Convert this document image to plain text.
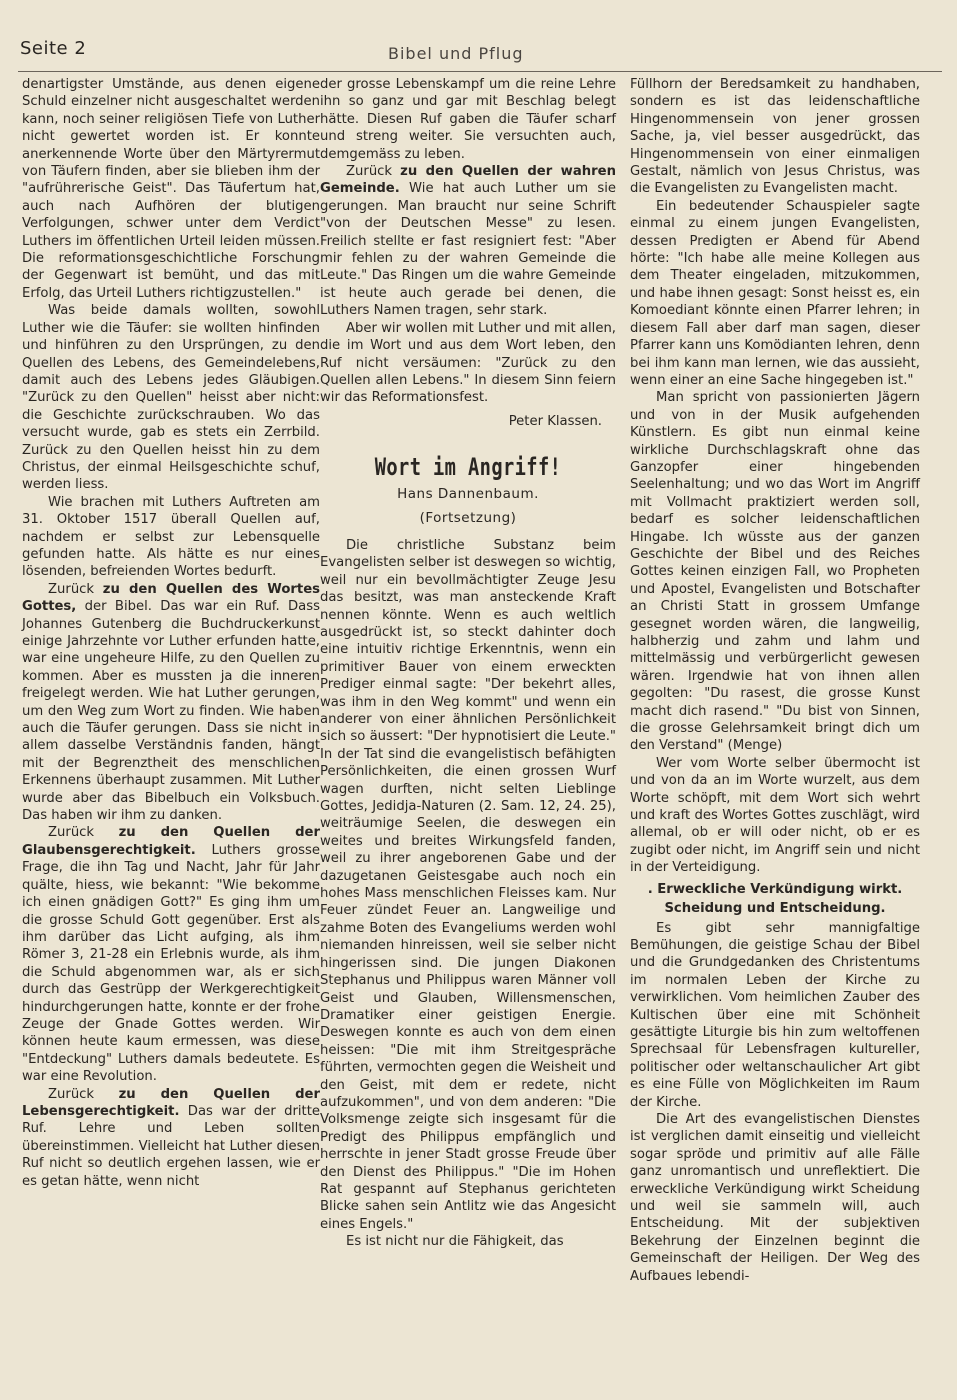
Seite 2	Bibel und Pflug

denartigster Umstände, aus denen eigene Schuld einzelner nicht ausgeschaltet werden kann, noch seiner religiösen Tiefe von Luther nicht gewertet worden ist. Er konnte anerkennende Worte über den Märtyrermut von Täufern finden, aber sie blieben ihm der "aufrührerische Geist". Das Täufertum hat, auch nach Aufhören der blutigen Verfolgungen, schwer unter dem Verdict Luthers im öffentlichen Urteil leiden müssen. Die reformationsgeschichtliche Forschung der Gegenwart ist bemüht, und das mit Erfolg, das Urteil Luthers richtigzustellen."

Was beide damals wollten, sowohl Luther wie die Täufer: sie wollten hinfinden und hinführen zu den Ursprüngen, zu den Quellen des Lebens, des Gemeindelebens, damit auch des Lebens jedes Gläubigen. "Zurück zu den Quellen" heisst aber nicht: die Geschichte zurückschrauben. Wo das versucht wurde, gab es stets ein Zerrbild. Zurück zu den Quellen heisst hin zu dem Christus, der einmal Heilsgeschichte schuf, werden liess.

Wie brachen mit Luthers Auftreten am 31. Oktober 1517 überall Quellen auf, nachdem er selbst zur Lebensquelle gefunden hatte. Als hätte es nur eines lösenden, befreienden Wortes bedurft.

Zurück zu den Quellen des Wortes Gottes, der Bibel. Das war ein Ruf. Dass Johannes Gutenberg die Buchdruckerkunst einige Jahrzehnte vor Luther erfunden hatte, war eine ungeheure Hilfe, zu den Quellen zu kommen. Aber es mussten ja die inneren freigelegt werden. Wie hat Luther gerungen, um den Weg zum Wort zu finden. Wie haben auch die Täufer gerungen. Dass sie nicht in allem dasselbe Verständnis fanden, hängt mit der Begrenztheit des menschlichen Erkennens überhaupt zusammen. Mit Luther wurde aber das Bibelbuch ein Volksbuch. Das haben wir ihm zu danken.

Zurück zu den Quellen der Glaubensgerechtigkeit. Luthers grosse Frage, die ihn Tag und Nacht, Jahr für Jahr quälte, hiess, wie bekannt: "Wie bekomme ich einen gnädigen Gott?" Es ging ihm um die grosse Schuld Gott gegenüber. Erst als ihm darüber das Licht aufging, als ihm Römer 3, 21-28 ein Erlebnis wurde, als ihm die Schuld abgenommen war, als er sich durch das Gestrüpp der Werkgerechtigkeit hindurchgerungen hatte, konnte er der frohe Zeuge der Gnade Gottes werden. Wir können heute kaum ermessen, was diese "Entdeckung" Luthers damals bedeutete. Es war eine Revolution.

Zurück zu den Quellen der Lebensgerechtigkeit. Das war der dritte Ruf. Lehre und Leben sollten übereinstimmen. Vielleicht hat Luther diesen Ruf nicht so deutlich ergehen lassen, wie er es getan hätte, wenn nicht

der grosse Lebenskampf um die reine Lehre ihn so ganz und gar mit Beschlag belegt hätte. Diesen Ruf gaben die Täufer scharf und streng weiter. Sie versuchten auch, demgemäss zu leben.

Zurück zu den Quellen der wahren Gemeinde. Wie hat auch Luther um sie gerungen. Man braucht nur seine Schrift "von der Deutschen Messe" zu lesen. Freilich stellte er fast resigniert fest: "Aber mir fehlen zu der wahren Gemeinde die Leute." Das Ringen um die wahre Gemeinde ist heute auch gerade bei denen, die Luthers Namen tragen, sehr stark.

Aber wir wollen mit Luther und mit allen, die im Wort und aus dem Wort leben, den Ruf nicht versäumen: "Zurück zu den Quellen allen Lebens." In diesem Sinn feiern wir das Reformationsfest.

Peter Klassen.

Wort im Angriff!
Hans Dannenbaum.
(Fortsetzung)

Die christliche Substanz beim Evangelisten selber ist deswegen so wichtig, weil nur ein bevollmächtigter Zeuge Jesu das besitzt, was man ansteckende Kraft nennen könnte. Wenn es auch weltlich ausgedrückt ist, so steckt dahinter doch eine intuitiv richtige Erkenntnis, wenn ein primitiver Bauer von einem erweckten Prediger einmal sagte: "Der bekehrt alles, was ihm in den Weg kommt" und wenn ein anderer von einer ähnlichen Persönlichkeit sich so äussert: "Der hypnotisiert die Leute." In der Tat sind die evangelistisch befähigten Persönlichkeiten, die einen grossen Wurf wagen durften, nicht selten Lieblinge Gottes, Jedidja-Naturen (2. Sam. 12, 24. 25), weiträumige Seelen, die deswegen ein weites und breites Wirkungsfeld fanden, weil zu ihrer angeborenen Gabe und der dazugetanen Geistesgabe auch noch ein hohes Mass menschlichen Fleisses kam. Nur Feuer zündet Feuer an. Langweilige und zahme Boten des Evangeliums werden wohl niemanden hinreissen, weil sie selber nicht hingerissen sind. Die jungen Diakonen Stephanus und Philippus waren Männer voll Geist und Glauben, Willensmenschen, Dramatiker einer geistigen Energie. Deswegen konnte es auch von dem einen heissen: "Die mit ihm Streitgespräche führten, vermochten gegen die Weisheit und den Geist, mit dem er redete, nicht aufzukommen", und von dem anderen: "Die Volksmenge zeigte sich insgesamt für die Predigt des Philippus empfänglich und herrschte in jener Stadt grosse Freude über den Dienst des Philippus." "Die im Hohen Rat gespannt auf Stephanus gerichteten Blicke sahen sein Antlitz wie das Angesicht eines Engels."

Es ist nicht nur die Fähigkeit, das

Füllhorn der Beredsamkeit zu handhaben, sondern es ist das leidenschaftliche Hingenommensein von jener grossen Sache, ja, viel besser ausgedrückt, das Hingenommensein von einer einmaligen Gestalt, nämlich von Jesus Christus, was die Evangelisten zu Evangelisten macht.

Ein bedeutender Schauspieler sagte einmal zu einem jungen Evangelisten, dessen Predigten er Abend für Abend hörte: "Ich habe alle meine Kollegen aus dem Theater eingeladen, mitzukommen, und habe ihnen gesagt: Sonst heisst es, ein Komoediant könnte einen Pfarrer lehren; in diesem Fall aber darf man sagen, dieser Pfarrer kann uns Komödianten lehren, denn bei ihm kann man lernen, wie das aussieht, wenn einer an eine Sache hingegeben ist."

Man spricht von passionierten Jägern und von in der Musik aufgehenden Künstlern. Es gibt nun einmal keine wirkliche Durchschlagskraft ohne das Ganzopfer einer hingebenden Seelenhaltung; und wo das Wort im Angriff mit Vollmacht praktiziert werden soll, bedarf es solcher leidenschaftlichen Hingabe. Ich wüsste aus der ganzen Geschichte der Bibel und des Reiches Gottes keinen einzigen Fall, wo Propheten und Apostel, Evangelisten und Botschafter an Christi Statt in grossem Umfange gesegnet worden wären, die langweilig, halbherzig und zahm und lahm und mittelmässig und verbürgerlicht gewesen wären. Irgendwie hat von ihnen allen gegolten: "Du rasest, die grosse Kunst macht dich rasend." "Du bist von Sinnen, die grosse Gelehrsamkeit bringt dich um den Verstand" (Menge)

Wer vom Worte selber übermocht ist und von da an im Worte wurzelt, aus dem Worte schöpft, mit dem Wort sich wehrt und kraft des Wortes Gottes zuschlägt, wird allemal, ob er will oder nicht, ob er es zugibt oder nicht, im Angriff sein und nicht in der Verteidigung.

. Erweckliche Verkündigung wirkt.

Scheidung und Entscheidung.

Es gibt sehr mannigfaltige Bemühungen, die geistige Schau der Bibel und die Grundgedanken des Christentums im normalen Leben der Kirche zu verwirklichen. Vom heimlichen Zauber des Kultischen über eine mit Schönheit gesättigte Liturgie bis hin zum weltoffenen Sprechsaal für Lebensfragen kultureller, politischer oder weltanschaulicher Art gibt es eine Fülle von Möglichkeiten im Raum der Kirche.

Die Art des evangelistischen Dienstes ist verglichen damit einseitig und vielleicht sogar spröde und primitiv auf alle Fälle ganz unromantisch und unreflektiert. Die erweckliche Verkündigung wirkt Scheidung und weil sie sammeln will, auch Entscheidung. Mit der subjektiven Bekehrung der Einzelnen beginnt die Gemeinschaft der Heiligen. Der Weg des Aufbaues lebendi-
